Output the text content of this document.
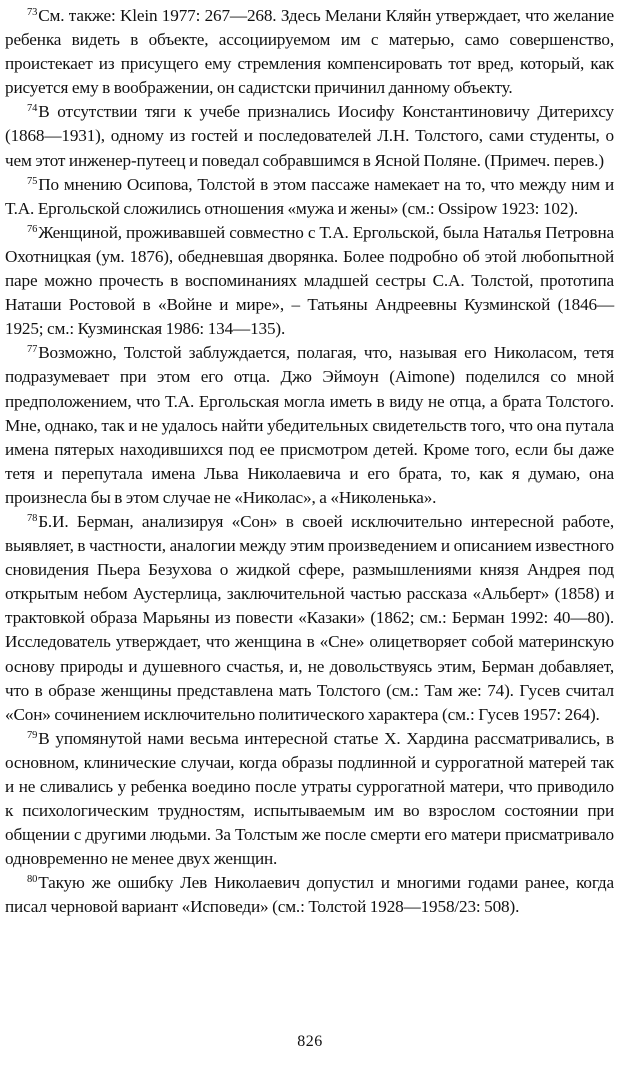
$^{73}$См. также: Klein 1977: 267—268. Здесь Мелани Кляйн утверждает, что желание ребенка видеть в объекте, ассоциируемом им с матерью, само совершенство, проистекает из присущего ему стремления компенсировать тот вред, который, как рисуется ему в воображении, он садистски причинил данному объекту.

$^{74}$В отсутствии тяги к учебе признались Иосифу Константиновичу Дитерихсу (1868—1931), одному из гостей и последователей Л.Н. Толстого, сами студенты, о чем этот инженер-путеец и поведал собравшимся в Ясной Поляне. (Примеч. перев.)

$^{75}$По мнению Осипова, Толстой в этом пассаже намекает на то, что между ним и Т.А. Ергольской сложились отношения «мужа и жены» (см.: Ossipow 1923: 102).

$^{76}$Женщиной, проживавшей совместно с Т.А. Ергольской, была Наталья Петровна Охотницкая (ум. 1876), обедневшая дворянка. Более подробно об этой любопытной паре можно прочесть в воспоминаниях младшей сестры С.А. Толстой, прототипа Наташи Ростовой в «Войне и мире», – Татьяны Андреевны Кузминской (1846—1925; см.: Кузминская 1986: 134—135).

$^{77}$Возможно, Толстой заблуждается, полагая, что, называя его Николасом, тетя подразумевает при этом его отца. Джо Эймоун (Aimone) поделился со мной предположением, что Т.А. Ергольская могла иметь в виду не отца, а брата Толстого. Мне, однако, так и не удалось найти убедительных свидетельств того, что она путала имена пятерых находившихся под ее присмотром детей. Кроме того, если бы даже тетя и перепутала имена Льва Николаевича и его брата, то, как я думаю, она произнесла бы в этом случае не «Николас», а «Николенька».

$^{78}$Б.И. Берман, анализируя «Сон» в своей исключительно интересной работе, выявляет, в частности, аналогии между этим произведением и описанием известного сновидения Пьера Безухова о жидкой сфере, размышлениями князя Андрея под открытым небом Аустерлица, заключительной частью рассказа «Альберт» (1858) и трактовкой образа Марьяны из повести «Казаки» (1862; см.: Берман 1992: 40—80). Исследователь утверждает, что женщина в «Сне» олицетворяет собой материнскую основу природы и душевного счастья, и, не довольствуясь этим, Берман добавляет, что в образе женщины представлена мать Толстого (см.: Там же: 74). Гусев считал «Сон» сочинением исключительно политического характера (см.: Гусев 1957: 264).

$^{79}$В упомянутой нами весьма интересной статье Х. Хардина рассматривались, в основном, клинические случаи, когда образы подлинной и суррогатной матерей так и не сливались у ребенка воедино после утраты суррогатной матери, что приводило к психологическим трудностям, испытываемым им во взрослом состоянии при общении с другими людьми. За Толстым же после смерти его матери присматривало одновременно не менее двух женщин.

$^{80}$Такую же ошибку Лев Николаевич допустил и многими годами ранее, когда писал черновой вариант «Исповеди» (см.: Толстой 1928—1958/23: 508).

826
